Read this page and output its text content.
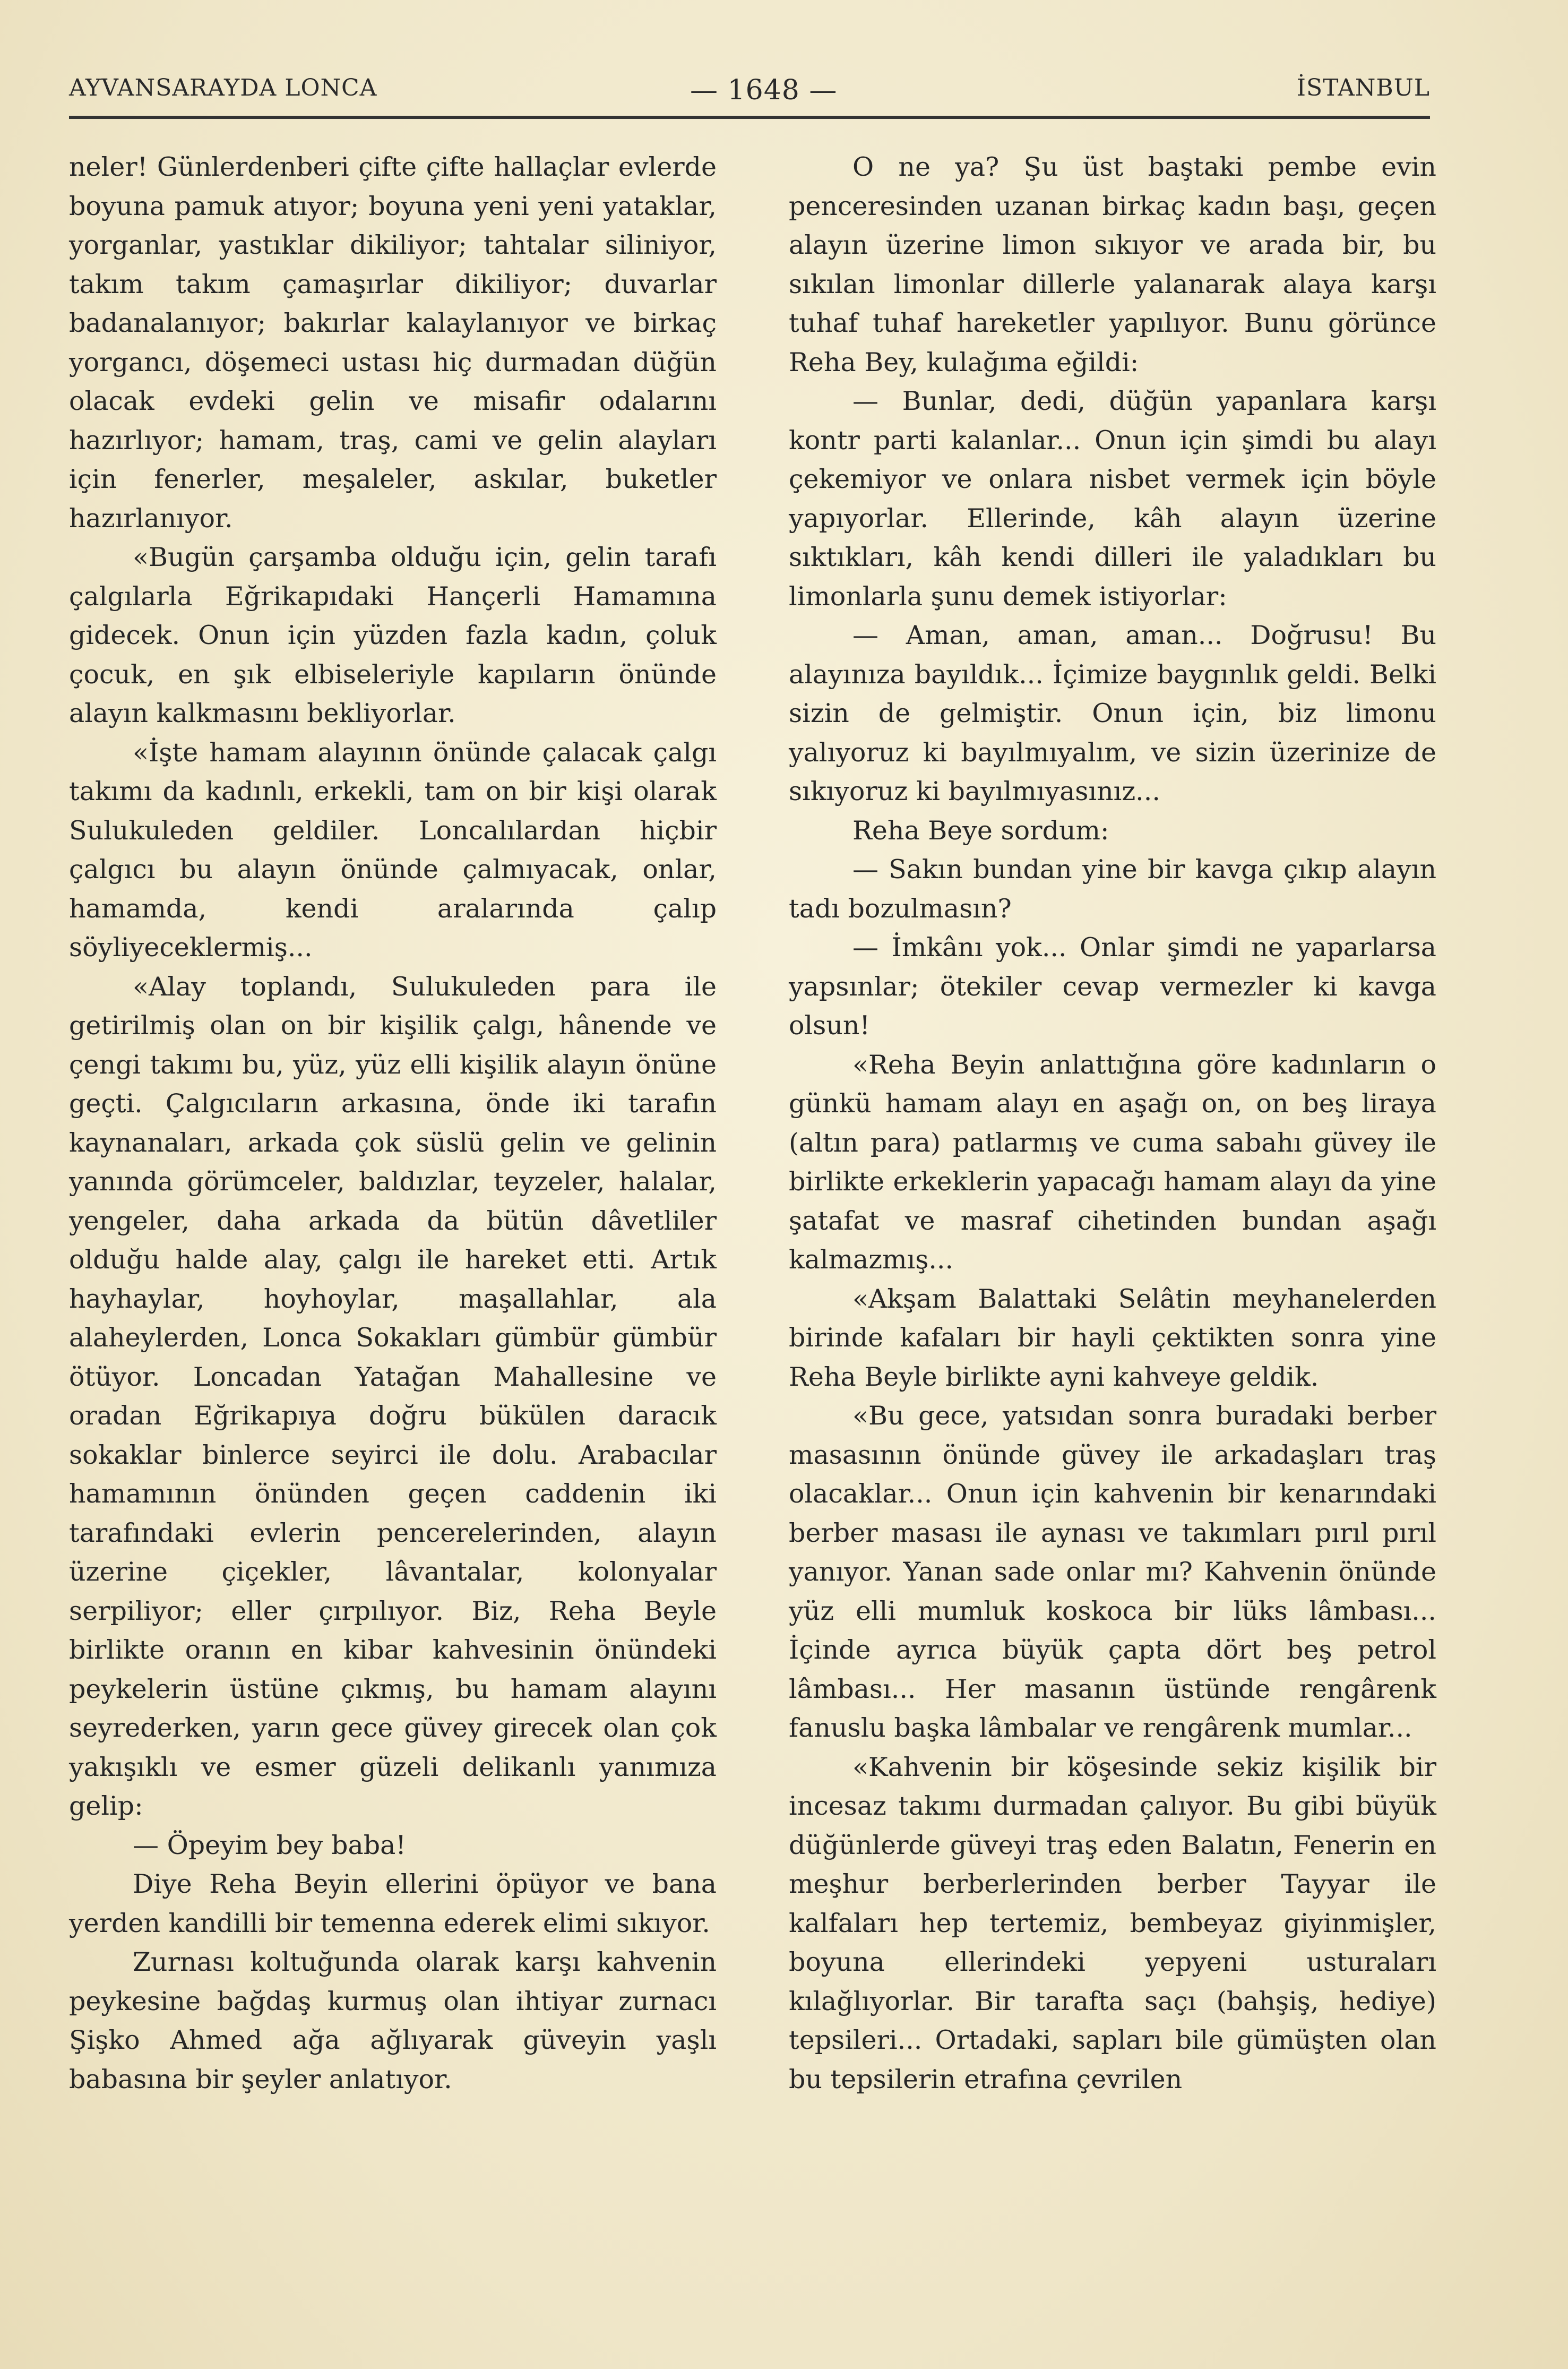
AYVANSARAYDA LONCA	— 1648 —	İSTANBUL

neler! Günlerdenberi çifte çifte hallaçlar evlerde boyuna pamuk atıyor; boyuna yeni yeni yataklar, yorganlar, yastıklar dikiliyor; tahtalar siliniyor, takım takım çamaşırlar dikiliyor; duvarlar badanalanıyor; bakırlar kalaylanıyor ve birkaç yorgancı, döşemeci ustası hiç durmadan düğün olacak evdeki gelin ve misafir odalarını hazırlıyor; hamam, traş, cami ve gelin alayları için fenerler, meşaleler, askılar, buketler hazırlanıyor.

«Bugün çarşamba olduğu için, gelin tarafı çalgılarla Eğrikapıdaki Hançerli Hamamına gidecek. Onun için yüzden fazla kadın, çoluk çocuk, en şık elbiseleriyle kapıların önünde alayın kalkmasını bekliyorlar.

«İşte hamam alayının önünde çalacak çalgı takımı da kadınlı, erkekli, tam on bir kişi olarak Sulukuleden geldiler. Loncalılardan hiçbir çalgıcı bu alayın önünde çalmıyacak, onlar, hamamda, kendi aralarında çalıp söyliyeceklermiş...

«Alay toplandı, Sulukuleden para ile getirilmiş olan on bir kişilik çalgı, hânende ve çengi takımı bu, yüz, yüz elli kişilik alayın önüne geçti. Çalgıcıların arkasına, önde iki tarafın kaynanaları, arkada çok süslü gelin ve gelinin yanında görümceler, baldızlar, teyzeler, halalar, yengeler, daha arkada da bütün dâvetliler olduğu halde alay, çalgı ile hareket etti. Artık hayhaylar, hoyhoylar, maşallahlar, ala alaheylerden, Lonca Sokakları gümbür gümbür ötüyor. Loncadan Yatağan Mahallesine ve oradan Eğrikapıya doğru bükülen daracık sokaklar binlerce seyirci ile dolu. Arabacılar hamamının önünden geçen caddenin iki tarafındaki evlerin pencerelerinden, alayın üzerine çiçekler, lâvantalar, kolonyalar serpiliyor; eller çırpılıyor. Biz, Reha Beyle birlikte oranın en kibar kahvesinin önündeki peykelerin üstüne çıkmış, bu hamam alayını seyrederken, yarın gece güvey girecek olan çok yakışıklı ve esmer güzeli delikanlı yanımıza gelip:

— Öpeyim bey baba!

Diye Reha Beyin ellerini öpüyor ve bana yerden kandilli bir temenna ederek elimi sıkıyor.

Zurnası koltuğunda olarak karşı kahvenin peykesine bağdaş kurmuş olan ihtiyar zurnacı Şişko Ahmed ağa ağlıyarak güveyin yaşlı babasına bir şeyler anlatıyor.

O ne ya? Şu üst baştaki pembe evin penceresinden uzanan birkaç kadın başı, geçen alayın üzerine limon sıkıyor ve arada bir, bu sıkılan limonlar dillerle yalanarak alaya karşı tuhaf tuhaf hareketler yapılıyor. Bunu görünce Reha Bey, kulağıma eğildi:

— Bunlar, dedi, düğün yapanlara karşı kontr parti kalanlar... Onun için şimdi bu alayı çekemiyor ve onlara nisbet vermek için böyle yapıyorlar. Ellerinde, kâh alayın üzerine sıktıkları, kâh kendi dilleri ile yaladıkları bu limonlarla şunu demek istiyorlar:

— Aman, aman, aman... Doğrusu! Bu alayınıza bayıldık... İçimize baygınlık geldi. Belki sizin de gelmiştir. Onun için, biz limonu yalıyoruz ki bayılmıyalım, ve sizin üzerinize de sıkıyoruz ki bayılmıyasınız...

Reha Beye sordum:

— Sakın bundan yine bir kavga çıkıp alayın tadı bozulmasın?

— İmkânı yok... Onlar şimdi ne yaparlarsa yapsınlar; ötekiler cevap vermezler ki kavga olsun!

«Reha Beyin anlattığına göre kadınların o günkü hamam alayı en aşağı on, on beş liraya (altın para) patlarmış ve cuma sabahı güvey ile birlikte erkeklerin yapacağı hamam alayı da yine şatafat ve masraf cihetinden bundan aşağı kalmazmış...

«Akşam Balattaki Selâtin meyhanelerden birinde kafaları bir hayli çektikten sonra yine Reha Beyle birlikte ayni kahveye geldik.

«Bu gece, yatsıdan sonra buradaki berber masasının önünde güvey ile arkadaşları traş olacaklar... Onun için kahvenin bir kenarındaki berber masası ile aynası ve takımları pırıl pırıl yanıyor. Yanan sade onlar mı? Kahvenin önünde yüz elli mumluk koskoca bir lüks lâmbası... İçinde ayrıca büyük çapta dört beş petrol lâmbası... Her masanın üstünde rengârenk fanuslu başka lâmbalar ve rengârenk mumlar...

«Kahvenin bir köşesinde sekiz kişilik bir incesaz takımı durmadan çalıyor. Bu gibi büyük düğünlerde güveyi traş eden Balatın, Fenerin en meşhur berberlerinden berber Tayyar ile kalfaları hep tertemiz, bembeyaz giyinmişler, boyuna ellerindeki yepyeni usturaları kılağlıyorlar. Bir tarafta saçı (bahşiş, hediye) tepsileri... Ortadaki, sapları bile gümüşten olan bu tepsilerin etrafına çevrilen
